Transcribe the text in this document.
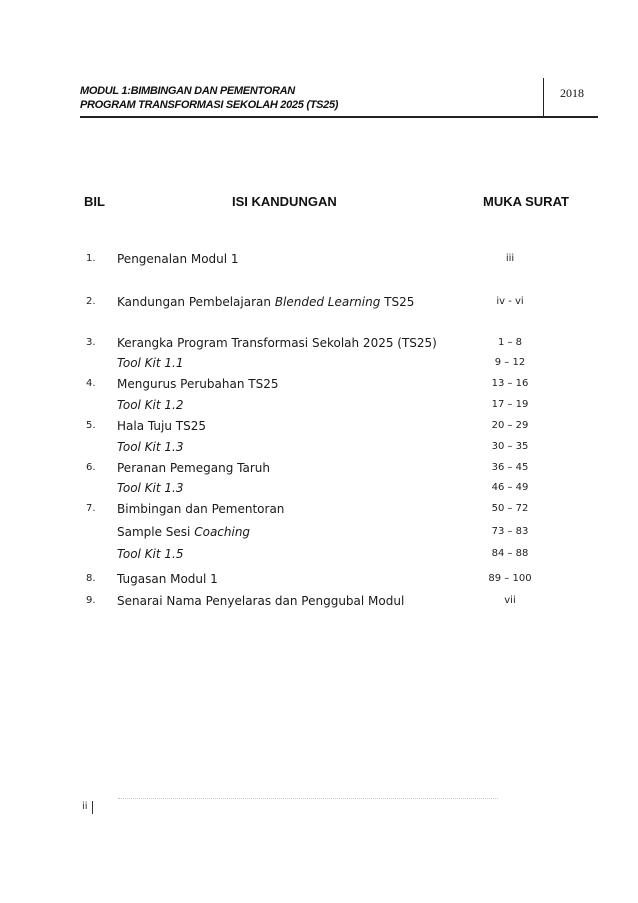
MODUL 1:BIMBINGAN DAN PEMENTORAN
PROGRAM TRANSFORMASI SEKOLAH 2025 (TS25)
2018
BIL	ISI KANDUNGAN	MUKA SURAT
1. Pengenalan Modul 1	iii
2. Kandungan Pembelajaran Blended Learning TS25	iv - vi
3. Kerangka Program Transformasi Sekolah 2025 (TS25)	1 – 8
Tool Kit 1.1	9 – 12
4. Mengurus Perubahan TS25	13 – 16
Tool Kit 1.2	17 – 19
5. Hala Tuju TS25	20 – 29
Tool Kit 1.3	30 – 35
6. Peranan Pemegang Taruh	36 – 45
Tool Kit 1.3	46 – 49
7. Bimbingan dan Pementoran	50 – 72
Sample Sesi Coaching	73 – 83
Tool Kit 1.5	84 – 88
8. Tugasan Modul 1	89 – 100
9. Senarai Nama Penyelaras dan Penggubal Modul	vii
ii
